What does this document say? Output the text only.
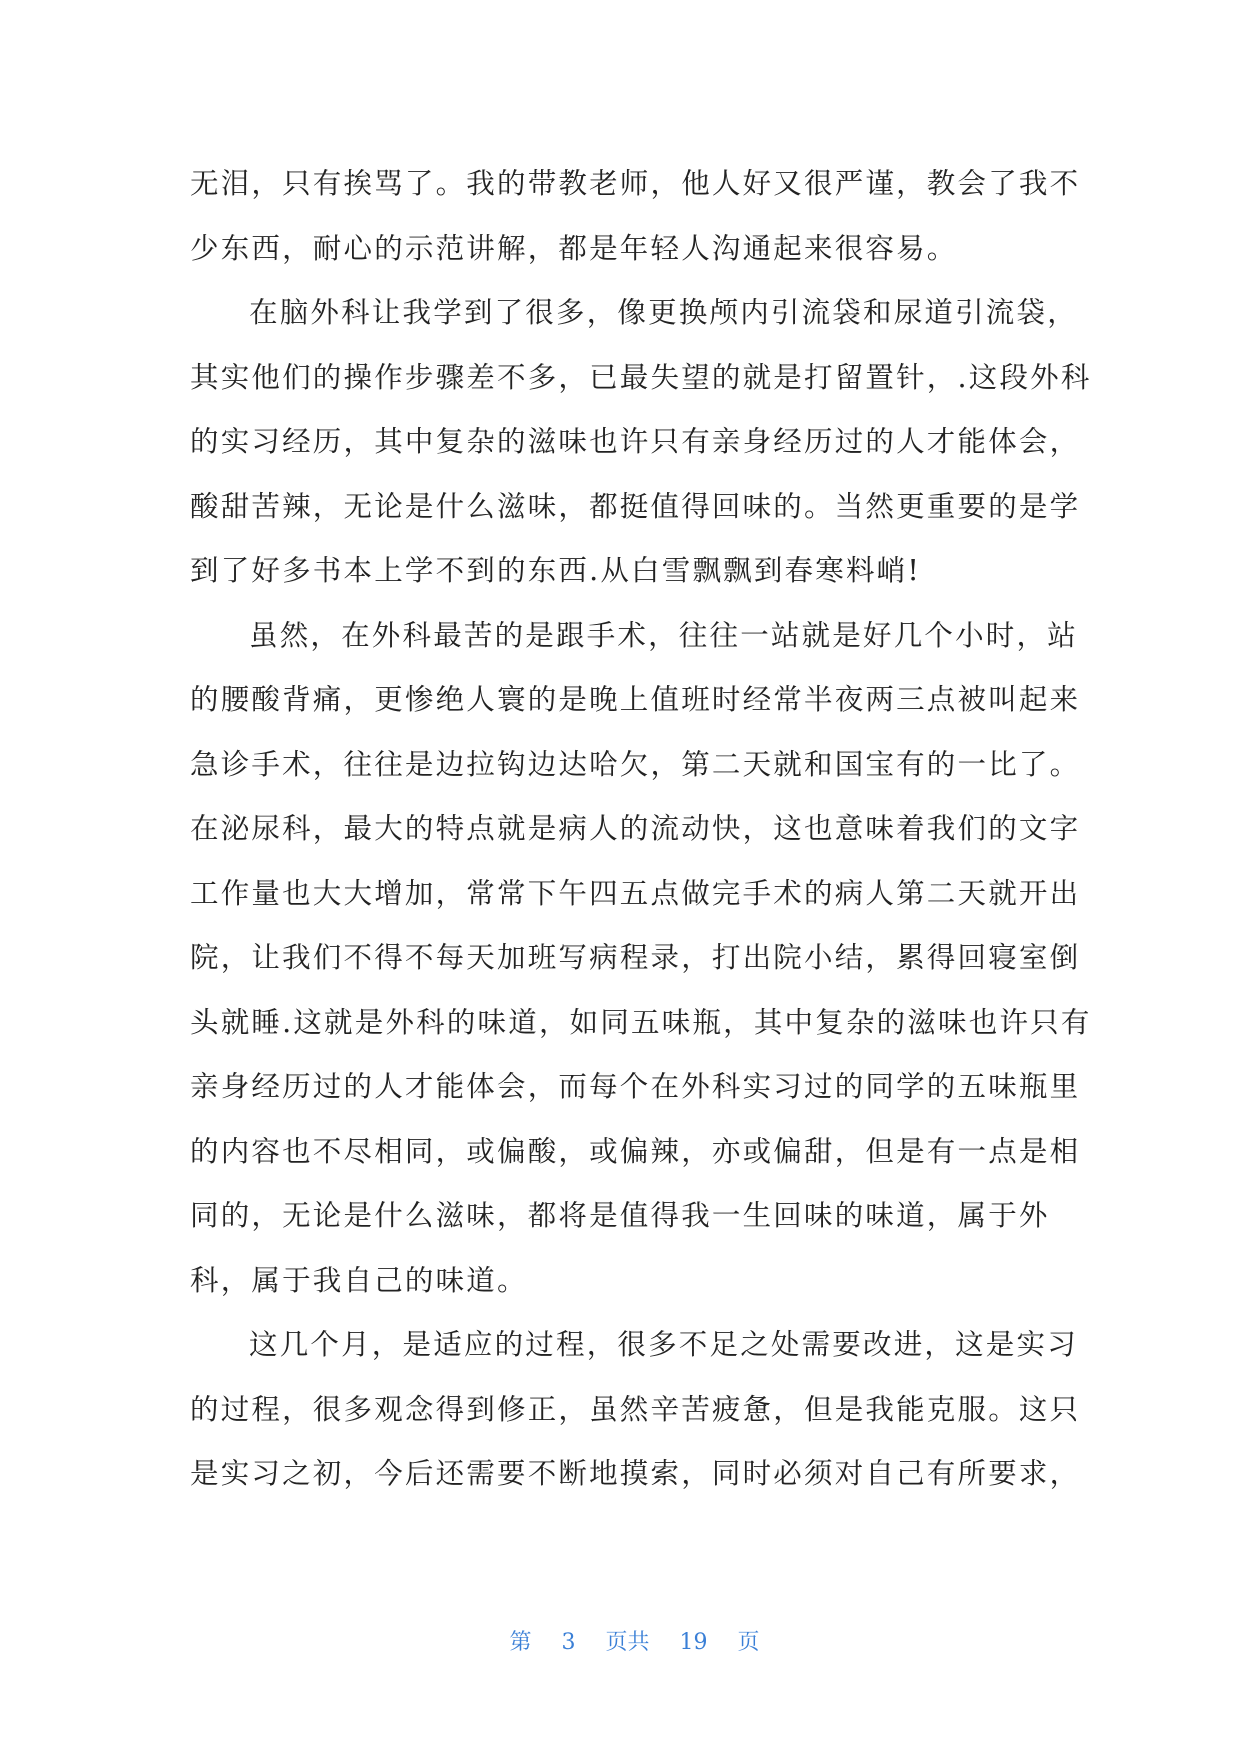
无泪，只有挨骂了。我的带教老师，他人好又很严谨，教会了我不
少东西，耐心的示范讲解，都是年轻人沟通起来很容易。
在脑外科让我学到了很多，像更换颅内引流袋和尿道引流袋，
其实他们的操作步骤差不多，已最失望的就是打留置针，.这段外科
的实习经历，其中复杂的滋味也许只有亲身经历过的人才能体会，
酸甜苦辣，无论是什么滋味，都挺值得回味的。当然更重要的是学
到了好多书本上学不到的东西.从白雪飘飘到春寒料峭!
虽然，在外科最苦的是跟手术，往往一站就是好几个小时，站
的腰酸背痛，更惨绝人寰的是晚上值班时经常半夜两三点被叫起来
急诊手术，往往是边拉钩边达哈欠，第二天就和国宝有的一比了。
在泌尿科，最大的特点就是病人的流动快，这也意味着我们的文字
工作量也大大增加，常常下午四五点做完手术的病人第二天就开出
院，让我们不得不每天加班写病程录，打出院小结，累得回寝室倒
头就睡.这就是外科的味道，如同五味瓶，其中复杂的滋味也许只有
亲身经历过的人才能体会，而每个在外科实习过的同学的五味瓶里
的内容也不尽相同，或偏酸，或偏辣，亦或偏甜，但是有一点是相
同的，无论是什么滋味，都将是值得我一生回味的味道，属于外
科，属于我自己的味道。
这几个月，是适应的过程，很多不足之处需要改进，这是实习
的过程，很多观念得到修正，虽然辛苦疲惫，但是我能克服。这只
是实习之初，今后还需要不断地摸索，同时必须对自己有所要求，

第 3 页共 19 页
